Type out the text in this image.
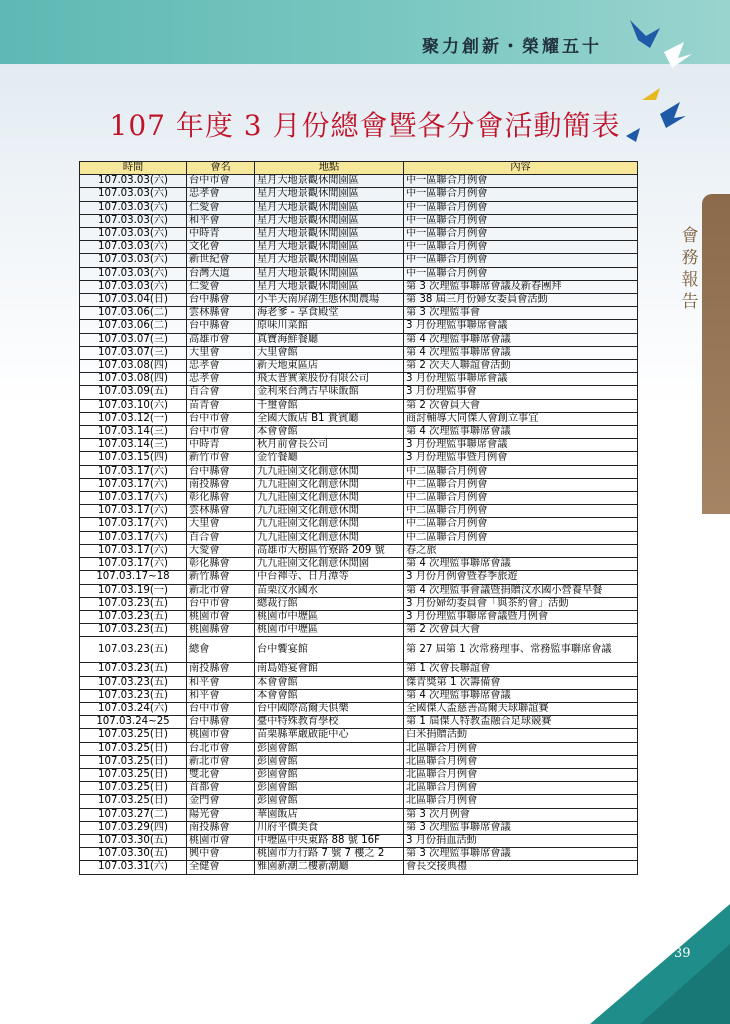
聚力創新・榮耀五十
107 年度 3 月份總會暨各分會活動簡表
會務報告
時間	會名	地點	內容
107.03.03(六)	台中市會	星月大地景觀休閒園區	中一區聯合月例會
107.03.03(六)	忠孝會	星月大地景觀休閒園區	中一區聯合月例會
107.03.03(六)	仁愛會	星月大地景觀休閒園區	中一區聯合月例會
107.03.03(六)	和平會	星月大地景觀休閒園區	中一區聯合月例會
107.03.03(六)	中時青	星月大地景觀休閒園區	中一區聯合月例會
107.03.03(六)	文化會	星月大地景觀休閒園區	中一區聯合月例會
107.03.03(六)	新世紀會	星月大地景觀休閒園區	中一區聯合月例會
107.03.03(六)	台灣大道	星月大地景觀休閒園區	中一區聯合月例會
107.03.03(六)	仁愛會	星月大地景觀休閒園區	第 3 次理監事聯席會議及新春團拜
107.03.04(日)	台中縣會	小半天南屏湖生態休閒農場	第 38 屆三月份婦女委員會活動
107.03.06(二)	雲林縣會	海老爹 - 享食殿堂	第 3 次理監事會
107.03.06(二)	台中縣會	原味川菜館	3 月份理監事聯席會議
107.03.07(三)	高雄市會	真寶海鮮餐廳	第 4 次理監事聯席會議
107.03.07(三)	大里會	大里會館	第 4 次理監事聯席會議
107.03.08(四)	忠孝會	新天地東區店	第 2 次夫人聯誼會活動
107.03.08(四)	忠孝會	飛太普實業股份有限公司	3 月份理監事聯席會議
107.03.09(五)	百合會	金利來台灣古早味飯館	3 月份理監事會
107.03.10(六)	苗青會	千璽會館	第 2 次會員大會
107.03.12(一)	台中市會	全國大飯店 B1 貴賓廳	商討輔導大同傑人會創立事宜
107.03.14(三)	台中市會	本會會館	第 4 次理監事聯席會議
107.03.14(三)	中時青	秋月前會長公司	3 月份理監事聯席會議
107.03.15(四)	新竹市會	金竹餐廳	3 月份理監事暨月例會
107.03.17(六)	台中縣會	九九莊園文化創意休閒	中二區聯合月例會
107.03.17(六)	南投縣會	九九莊園文化創意休閒	中二區聯合月例會
107.03.17(六)	彰化縣會	九九莊園文化創意休閒	中二區聯合月例會
107.03.17(六)	雲林縣會	九九莊園文化創意休閒	中二區聯合月例會
107.03.17(六)	大里會	九九莊園文化創意休閒	中二區聯合月例會
107.03.17(六)	百合會	九九莊園文化創意休閒	中二區聯合月例會
107.03.17(六)	大愛會	高雄市大樹區竹寮路 209 號	春之旅
107.03.17(六)	彰化縣會	九九莊園文化創意休閒園	第 4 次理監事聯席會議
107.03.17~18	新竹縣會	中台禪寺、日月潭等	3 月份月例會暨春季旅遊
107.03.19(一)	新北市會	苗栗汶水國水	第 4 次理監事會議暨捐贈汶水國小營養早餐
107.03.23(五)	台中市會	總裁行館	3 月份婦幼委員會「與茶約會」活動
107.03.23(五)	桃園市會	桃園市中壢區	3 月份理監事聯席會議暨月例會
107.03.23(五)	桃園縣會	桃園市中壢區	第 2 次會員大會
107.03.23(五)	總會	台中饗宴館	第 27 屆第 1 次常務理事、常務監事聯席會議
107.03.23(五)	南投縣會	南島婚宴會館	第 1 次會長聯誼會
107.03.23(五)	和平會	本會會館	傑青獎第 1 次籌備會
107.03.23(五)	和平會	本會會館	第 4 次理監事聯席會議
107.03.24(六)	台中市會	台中國際高爾夫俱樂	全國傑人盃慈善高爾夫球聯誼賽
107.03.24~25	台中縣會	臺中特殊教育學校	第 1 屆傑人特教盃融合足球競賽
107.03.25(日)	桃園市會	苗栗縣華嚴啟能中心	白米捐贈活動
107.03.25(日)	台北市會	彭園會館	北區聯合月例會
107.03.25(日)	新北市會	彭園會館	北區聯合月例會
107.03.25(日)	雙北會	彭園會館	北區聯合月例會
107.03.25(日)	首都會	彭園會館	北區聯合月例會
107.03.25(日)	金門會	彭園會館	北區聯合月例會
107.03.27(二)	陽光會	華園飯店	第 3 次月例會
107.03.29(四)	南投縣會	川府平價美食	第 3 次理監事聯席會議
107.03.30(五)	桃園市會	中壢區中央東路 88 號 16F	3 月份捐血活動
107.03.30(五)	興中會	桃園市力行路 7 號 7 樓之 2	第 3 次理監事聯席會議
107.03.31(六)	全健會	雅園新潮二樓新潮廳	會長交接典禮
39
